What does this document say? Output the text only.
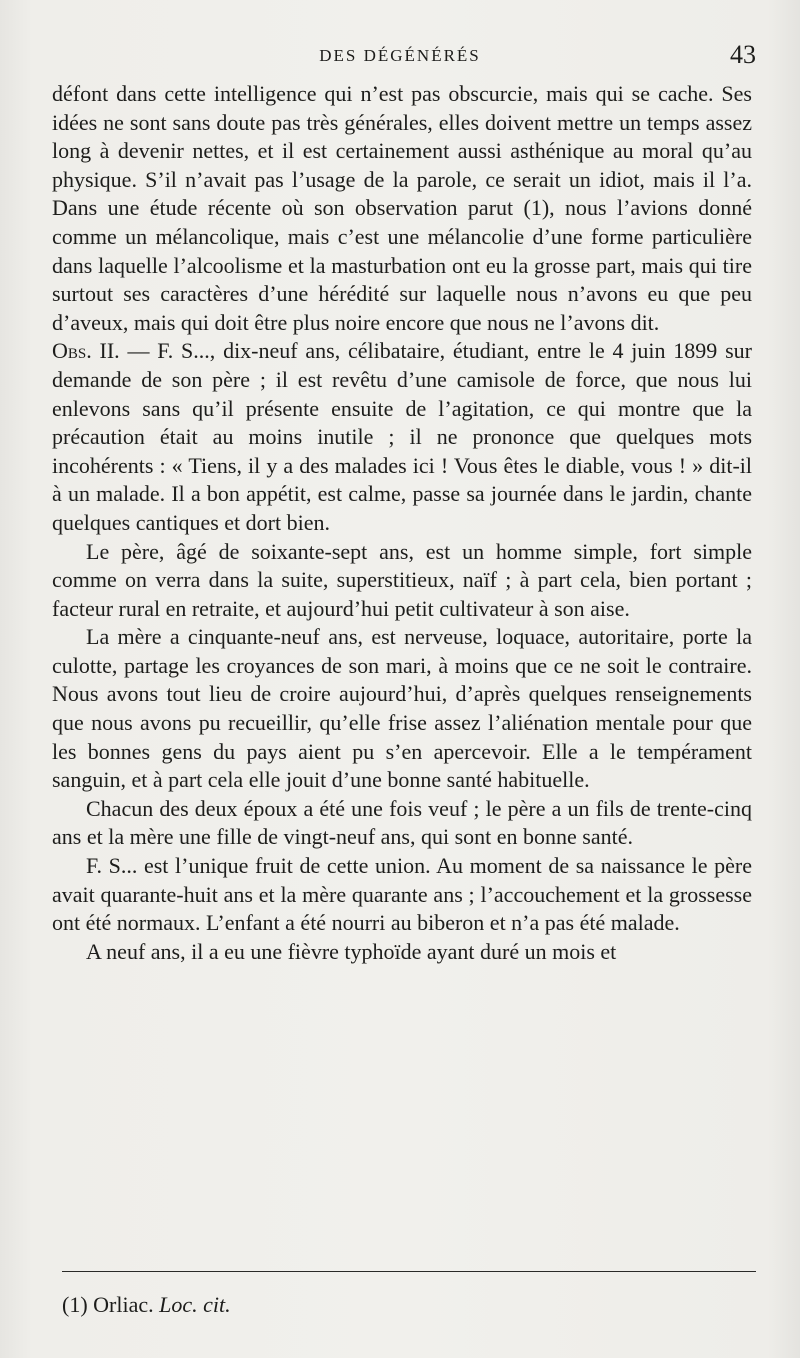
DES DÉGÉNÉRÉS	43

défont dans cette intelligence qui n’est pas obscurcie, mais qui se cache. Ses idées ne sont sans doute pas très générales, elles doivent mettre un temps assez long à devenir nettes, et il est certainement aussi asthénique au moral qu’au physique. S’il n’avait pas l’usage de la parole, ce serait un idiot, mais il l’a. Dans une étude récente où son observation parut (1), nous l’avions donné comme un mélancolique, mais c’est une mélancolie d’une forme particulière dans laquelle l’alcoolisme et la masturbation ont eu la grosse part, mais qui tire surtout ses caractères d’une hérédité sur laquelle nous n’avons eu que peu d’aveux, mais qui doit être plus noire encore que nous ne l’avons dit.

Obs. II. — F. S..., dix-neuf ans, célibataire, étudiant, entre le 4 juin 1899 sur demande de son père ; il est revêtu d’une camisole de force, que nous lui enlevons sans qu’il présente ensuite de l’agitation, ce qui montre que la précaution était au moins inutile ; il ne prononce que quelques mots incohérents : « Tiens, il y a des malades ici ! Vous êtes le diable, vous ! » dit-il à un malade. Il a bon appétit, est calme, passe sa journée dans le jardin, chante quelques cantiques et dort bien.

Le père, âgé de soixante-sept ans, est un homme simple, fort simple comme on verra dans la suite, superstitieux, naïf ; à part cela, bien portant ; facteur rural en retraite, et aujourd’hui petit cultivateur à son aise.

La mère a cinquante-neuf ans, est nerveuse, loquace, autoritaire, porte la culotte, partage les croyances de son mari, à moins que ce ne soit le contraire. Nous avons tout lieu de croire aujourd’hui, d’après quelques renseignements que nous avons pu recueillir, qu’elle frise assez l’aliénation mentale pour que les bonnes gens du pays aient pu s’en apercevoir. Elle a le tempérament sanguin, et à part cela elle jouit d’une bonne santé habituelle.

Chacun des deux époux a été une fois veuf ; le père a un fils de trente-cinq ans et la mère une fille de vingt-neuf ans, qui sont en bonne santé.

F. S... est l’unique fruit de cette union. Au moment de sa naissance le père avait quarante-huit ans et la mère quarante ans ; l’accouchement et la grossesse ont été normaux. L’enfant a été nourri au biberon et n’a pas été malade.

A neuf ans, il a eu une fièvre typhoïde ayant duré un mois et

(1) Orliac. Loc. cit.
